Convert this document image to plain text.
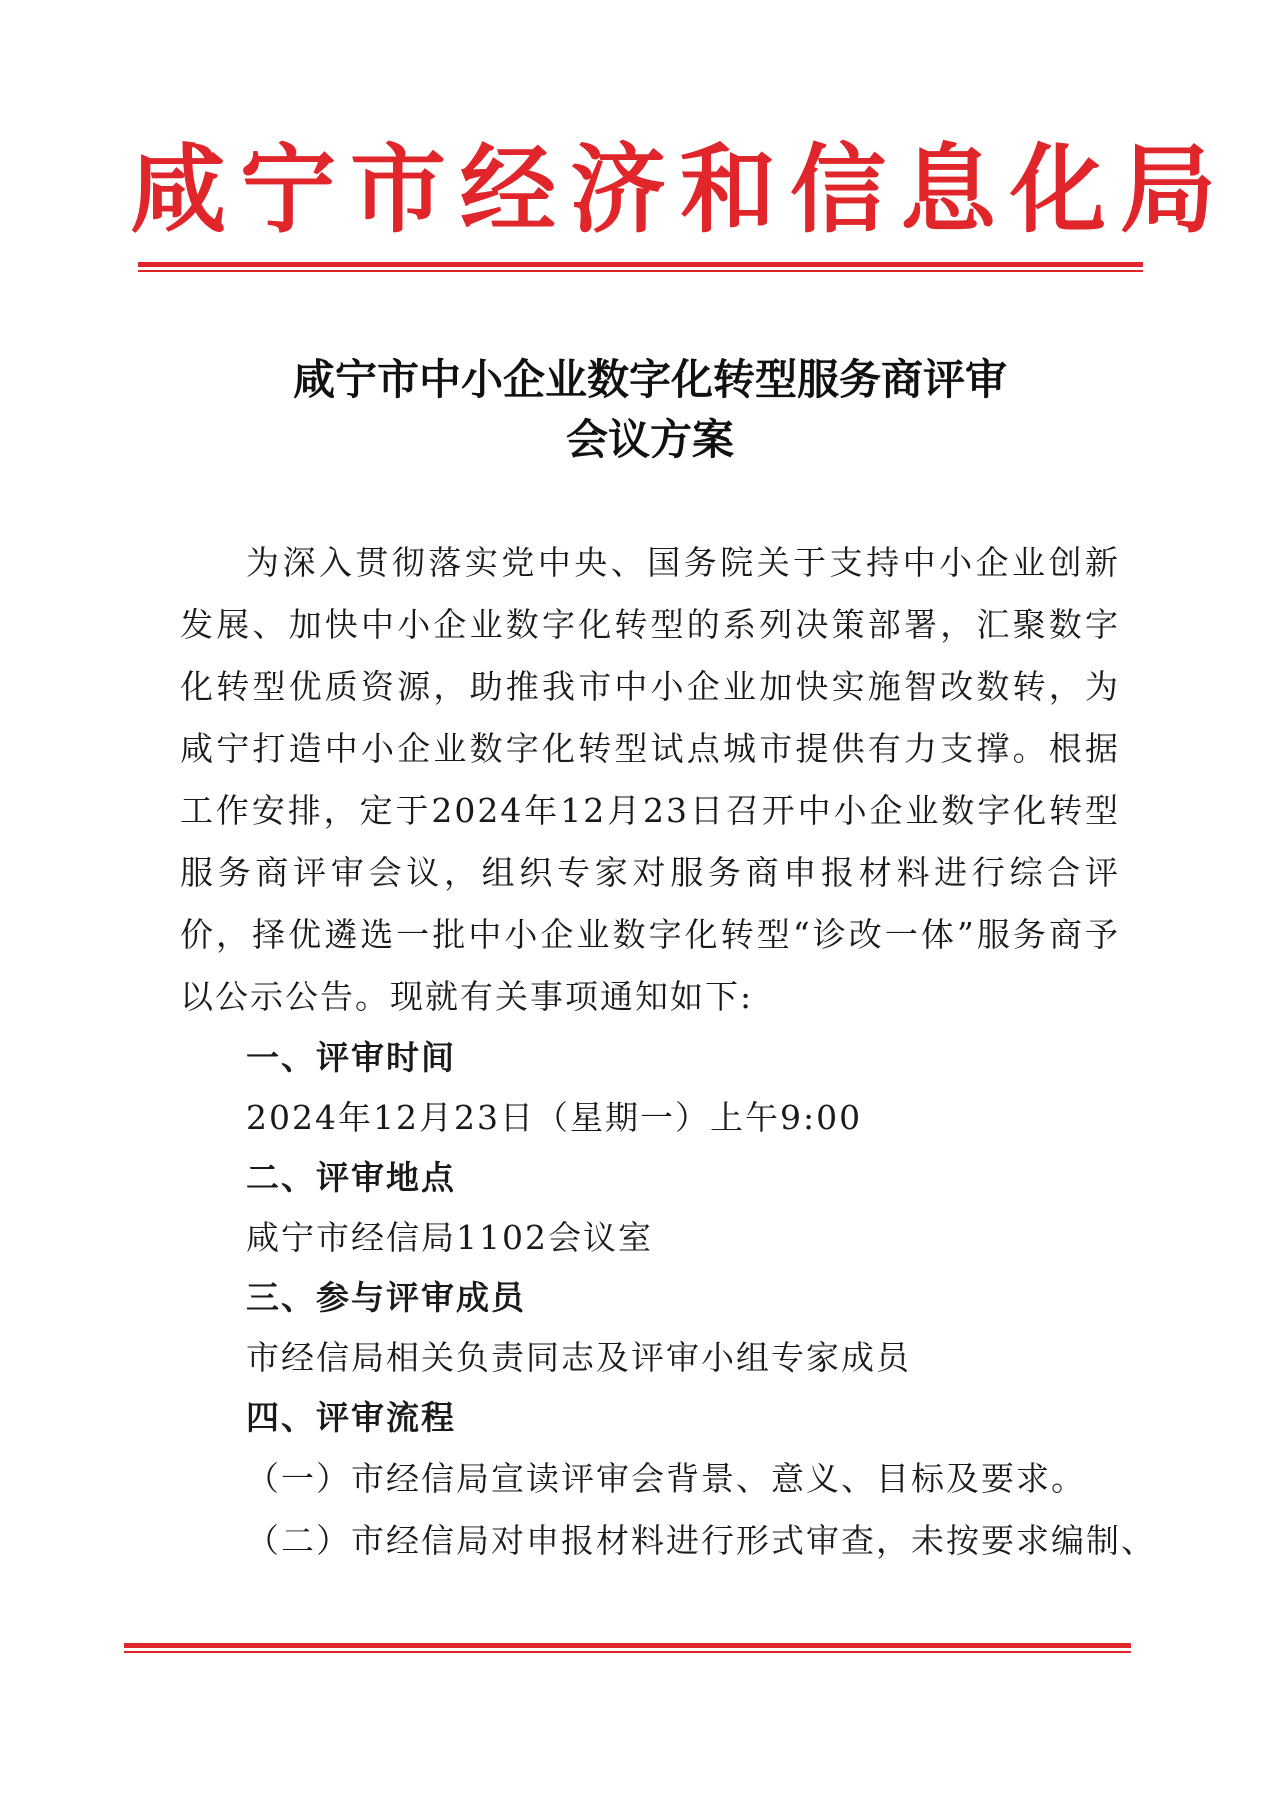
咸宁市经济和信息化局
咸宁市中小企业数字化转型服务商评审
会议方案

为深入贯彻落实党中央、国务院关于支持中小企业创新发展、加快中小企业数字化转型的系列决策部署，汇聚数字化转型优质资源，助推我市中小企业加快实施智改数转，为咸宁打造中小企业数字化转型试点城市提供有力支撑。根据工作安排，定于2024年12月23日召开中小企业数字化转型服务商评审会议，组织专家对服务商申报材料进行综合评价，择优遴选一批中小企业数字化转型“诊改一体”服务商予以公示公告。现就有关事项通知如下:

一、评审时间
2024年12月23日（星期一）上午9:00
二、评审地点
咸宁市经信局1102会议室
三、参与评审成员
市经信局相关负责同志及评审小组专家成员
四、评审流程
（一）市经信局宣读评审会背景、意义、目标及要求。
（二）市经信局对申报材料进行形式审查，未按要求编制、
